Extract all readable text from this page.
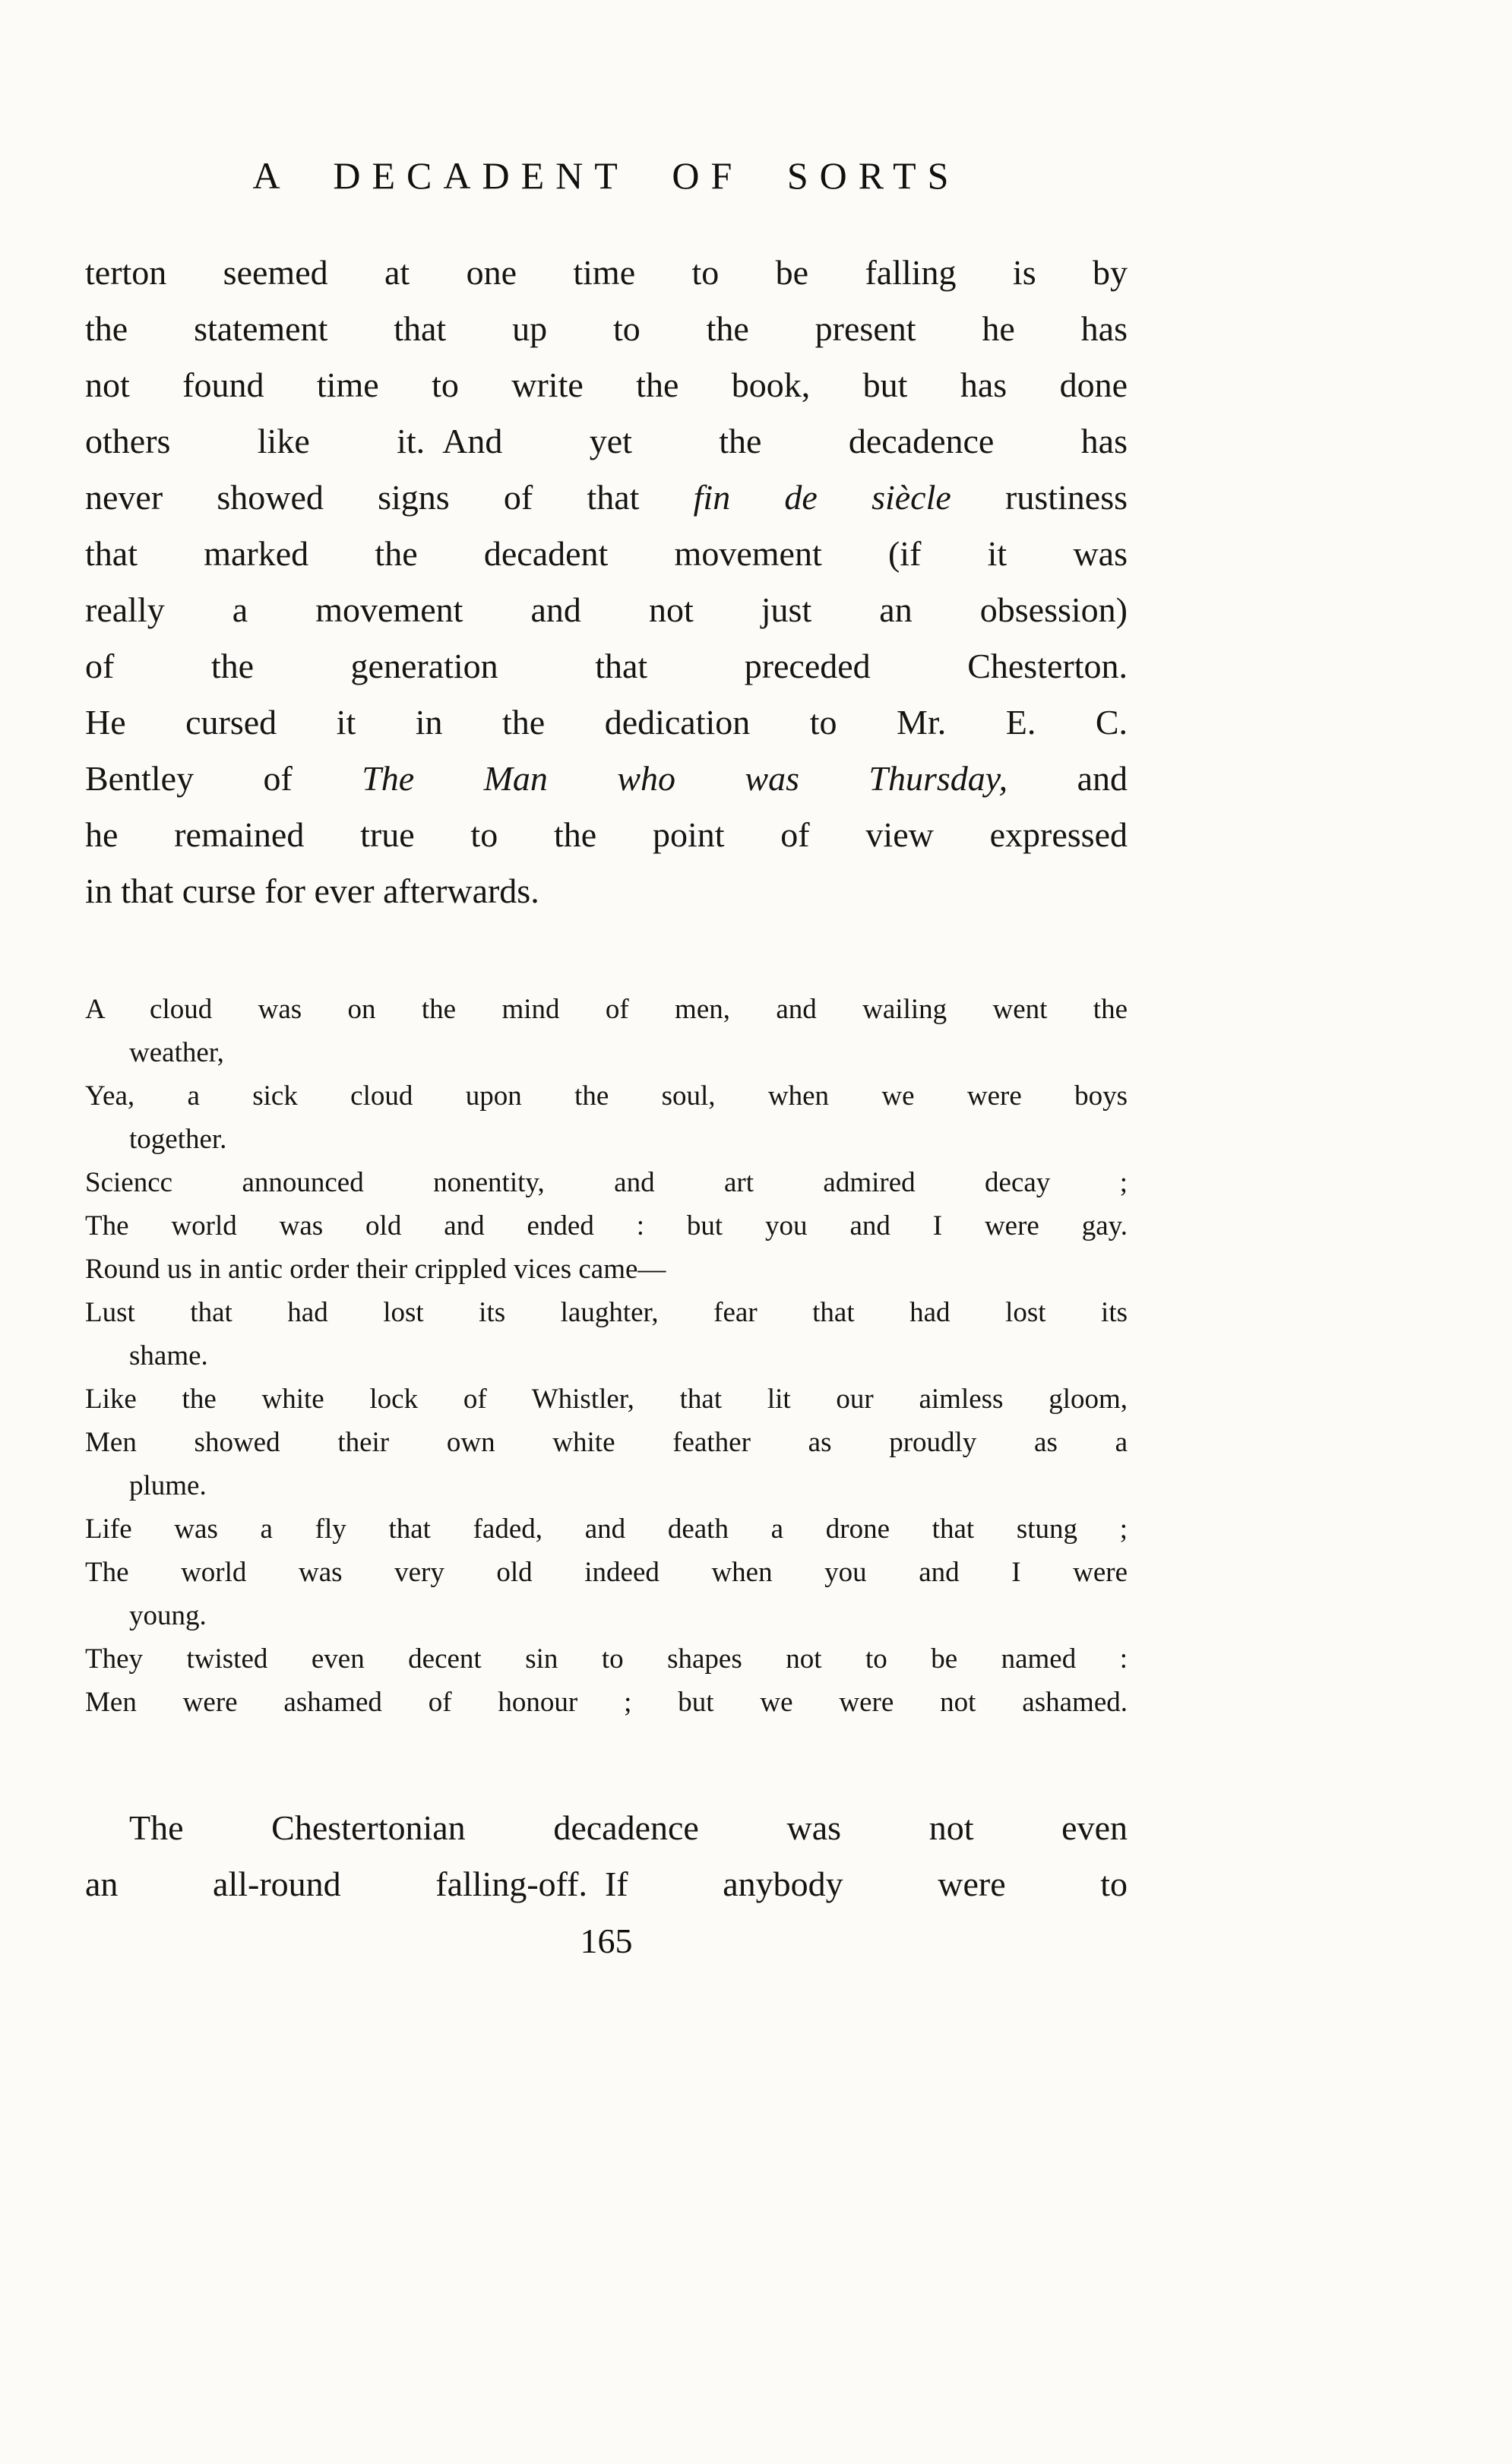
A DECADENT OF SORTS
terton seemed at one time to be falling is by
the statement that up to the present he has
not found time to write the book, but has done
others like it. And yet the decadence has
never showed signs of that fin de siècle rustiness
that marked the decadent movement (if it was
really a movement and not just an obsession)
of the generation that preceded Chesterton.
He cursed it in the dedication to Mr. E. C.
Bentley of The Man who was Thursday, and
he remained true to the point of view expressed
in that curse for ever afterwards.
A cloud was on the mind of men, and wailing went the
weather,
Yea, a sick cloud upon the soul, when we were boys
together.
Sciencc announced nonentity, and art admired decay ;
The world was old and ended : but you and I were gay.
Round us in antic order their crippled vices came—
Lust that had lost its laughter, fear that had lost its
shame.
Like the white lock of Whistler, that lit our aimless gloom,
Men showed their own white feather as proudly as a
plume.
Life was a fly that faded, and death a drone that stung ;
The world was very old indeed when you and I were
young.
They twisted even decent sin to shapes not to be named :
Men were ashamed of honour ; but we were not ashamed.
The Chestertonian decadence was not even
an all-round falling-off. If anybody were to
165
